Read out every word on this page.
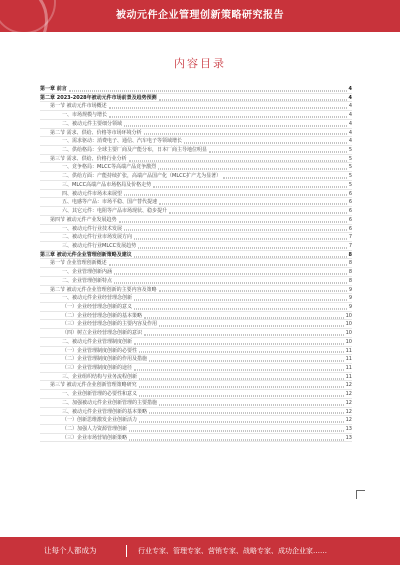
被动元件企业管理创新策略研究报告
内容目录
第一章 前言	4
第二章 2023-2028年被动元件市场前景及趋势预测	4
第一节 被动元件市场概述	4
一、市场规模与增长	4
二、被动元件主要细分领域	4
第二节 需求、供给、价格等市场环境分析	4
一、需求驱动：消费电子、通信、汽车电子等领域增长	4
二、供给格局：全球主要厂商及产能分布，日本厂商主导地位明显	5
第三节 需求、供给、价格行业分析	5
一、竞争格局：MLCC等高端产品竞争激烈	5
二、供给方面：产能持续扩张，高端产品国产化（MLCC扩产尤为显著）	5
三、MLCC高端产品市场格局及价格走势	5
四、被动元件市场未来展望	6
五、电感等产品：市场平稳、国产替代提速	6
六、其它元件：电阻等产品市场现状、稳步提升	6
第四节 被动元件产业发展趋势	6
一、被动元件行业技术发展	6
二、被动元件行业市场发展方向	7
三、被动元件行业MLCC发展趋势	7
第三章 被动元件企业管理创新策略及建议	8
第一节 企业管理创新概述	8
一、企业管理创新内涵	8
二、企业管理创新特点	8
第二节 被动元件企业管理创新的主要内容及策略	9
一、被动元件企业经营理念创新	9
（一）企业经营理念创新的意义	9
（二）企业经营理念创新的基本策略	10
（三）企业经营理念创新的主要内容及作用	10
（四）树立企业经营理念创新的意识	10
二、被动元件企业管理制度创新	10
（一）企业管理制度创新的必要性	11
（二）企业管理制度创新的作用及措施	11
（三）企业管理制度创新的途径	11
三、企业组织结构与业务流程创新	11
第三节 被动元件企业创新管理策略研究	12
一、企业创新管理的必要性和意义	12
二、加强被动元件企业创新管理的主要措施	12
三、被动元件企业管理创新的基本策略	12
（一）创新思维激发企业创新活力	12
（二）加强人力资源管理创新	13
（三）企业市场营销创新策略	13
让每个人都成为	行业专家、管理专家、营销专家、战略专家、成功企业家……
